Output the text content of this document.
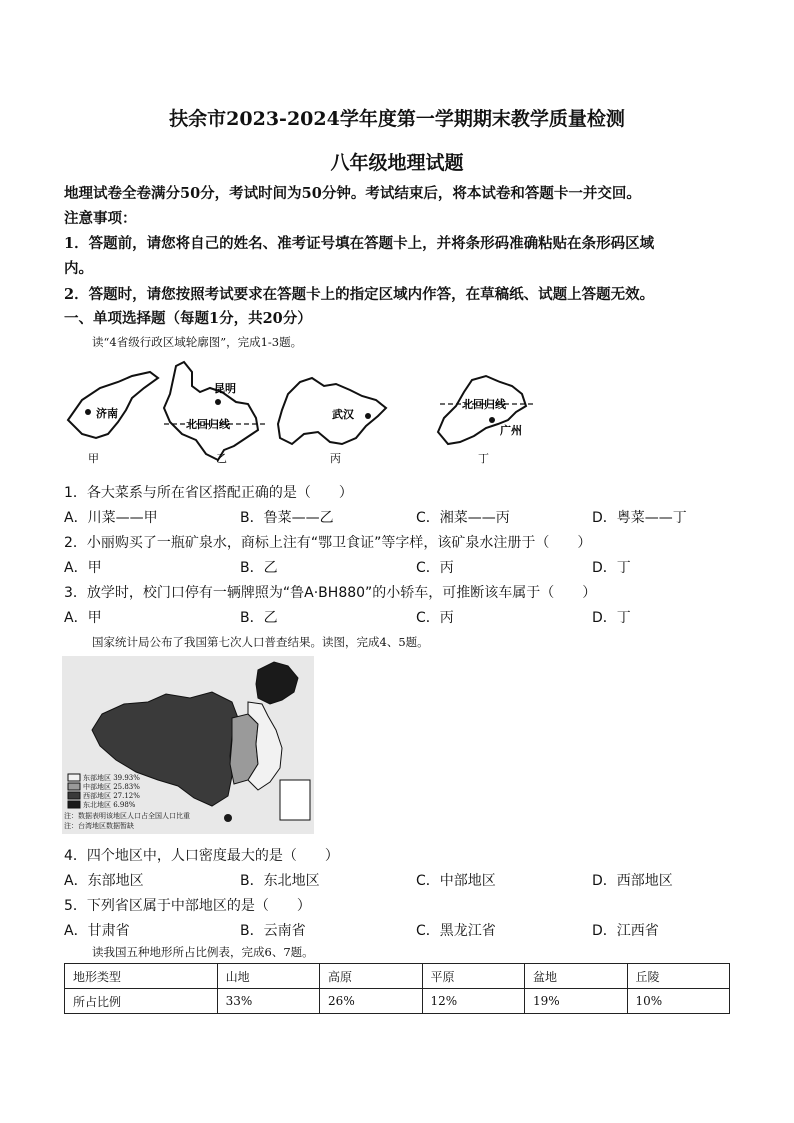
扶余市2023-2024学年度第一学期期末教学质量检测
八年级地理试题
地理试卷全卷满分50分，考试时间为50分钟。考试结束后，将本试卷和答题卡一并交回。
注意事项：
1．答题前，请您将自己的姓名、准考证号填在答题卡上，并将条形码准确粘贴在条形码区域
内。
2．答题时，请您按照考试要求在答题卡上的指定区域内作答，在草稿纸、试题上答题无效。
一、单项选择题（每题1分，共20分）
读“4省级行政区域轮廓图”，完成1-3题。
济南
甲
昆明
北回归线
乙
武汉
丙
北回归线
广州
丁
1．各大菜系与所在省区搭配正确的是（　　）
A．川菜——甲	B．鲁菜——乙	C．湘菜——丙	D．粤菜——丁
2．小丽购买了一瓶矿泉水，商标上注有“鄂卫食证”等字样，该矿泉水注册于（　　）
A．甲	B．乙	C．丙	D．丁
3．放学时，校门口停有一辆牌照为“鲁A·BH880”的小轿车，可推断该车属于（　　）
A．甲	B．乙	C．丙	D．丁
国家统计局公布了我国第七次人口普查结果。读图，完成4、5题。
东部地区 39.93%
中部地区 25.83%
西部地区 27.12%
东北地区 6.98%
注：数据表明该地区人口占全国人口比重
注：台湾地区数据暂缺
4．四个地区中，人口密度最大的是（　　）
A．东部地区	B．东北地区	C．中部地区	D．西部地区
5．下列省区属于中部地区的是（　　）
A．甘肃省	B．云南省	C．黑龙江省	D．江西省
读我国五种地形所占比例表，完成6、7题。
地形类型	山地	高原	平原	盆地	丘陵
所占比例	33%	26%	12%	19%	10%
